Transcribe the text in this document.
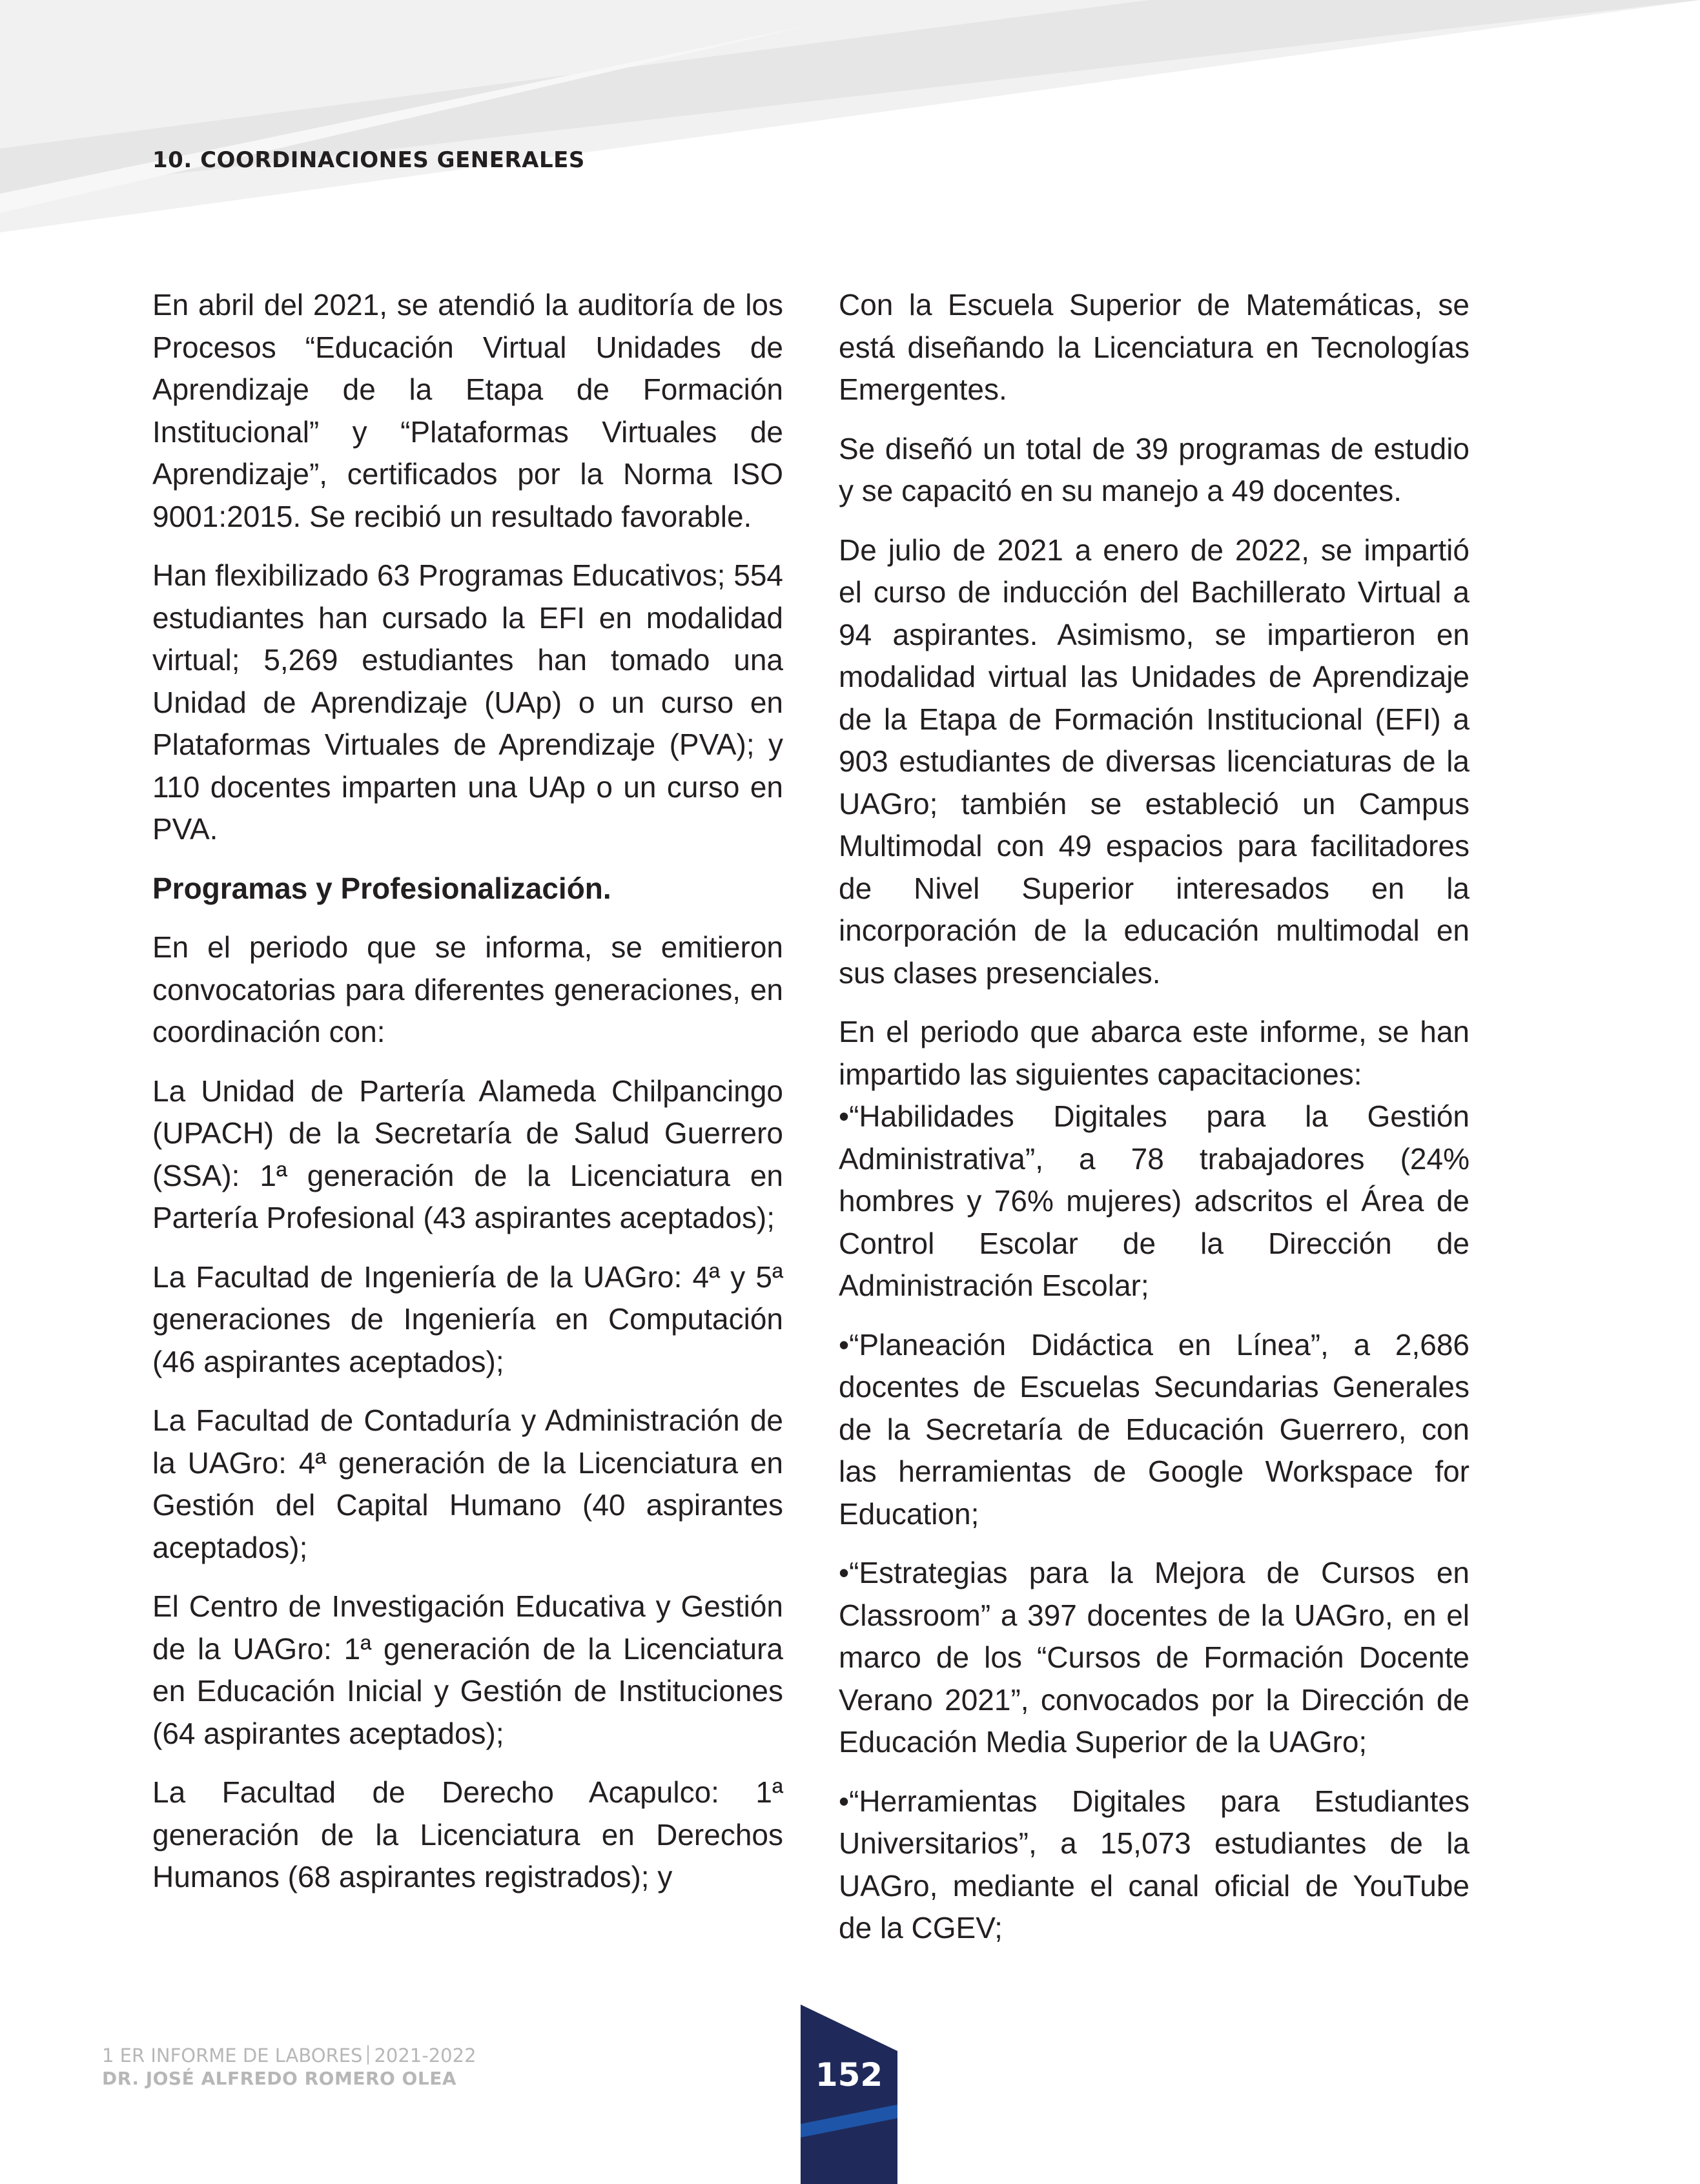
10. COORDINACIONES GENERALES

En abril del 2021, se atendió la auditoría de los Procesos “Educación Virtual Unidades de Aprendizaje de la Etapa de Formación Institucional” y “Plataformas Virtuales de Aprendizaje”, certificados por la Norma ISO 9001:2015. Se recibió un resultado favorable.

Han flexibilizado 63 Programas Educativos; 554 estudiantes han cursado la EFI en modalidad virtual; 5,269 estudiantes han tomado una Unidad de Aprendizaje (UAp) o un curso en Plataformas Virtuales de Aprendizaje (PVA); y 110 docentes imparten una UAp o un curso en PVA.

Programas y Profesionalización.

En el periodo que se informa, se emitieron convocatorias para diferentes generaciones, en coordinación con:

La Unidad de Partería Alameda Chilpancingo (UPACH) de la Secretaría de Salud Guerrero (SSA): 1ª generación de la Licenciatura en Partería Profesional (43 aspirantes aceptados);

La Facultad de Ingeniería de la UAGro: 4ª y 5ª generaciones de Ingeniería en Computación (46 aspirantes aceptados);

La Facultad de Contaduría y Administración de la UAGro: 4ª generación de la Licenciatura en Gestión del Capital Humano (40 aspirantes aceptados);

El Centro de Investigación Educativa y Gestión de la UAGro: 1ª generación de la Licenciatura en Educación Inicial y Gestión de Instituciones (64 aspirantes aceptados);

La Facultad de Derecho Acapulco: 1ª generación de la Licenciatura en Derechos Humanos (68 aspirantes registrados); y

Con la Escuela Superior de Matemáticas, se está diseñando la Licenciatura en Tecnologías Emergentes.

Se diseñó un total de 39 programas de estudio y se capacitó en su manejo a 49 docentes.

De julio de 2021 a enero de 2022, se impartió el curso de inducción del Bachillerato Virtual a 94 aspirantes. Asimismo, se impartieron en modalidad virtual las Unidades de Aprendizaje de la Etapa de Formación Institucional (EFI) a 903 estudiantes de diversas licenciaturas de la UAGro; también se estableció un Campus Multimodal con 49 espacios para facilitadores de Nivel Superior interesados en la incorporación de la educación multimodal en sus clases presenciales.

En el periodo que abarca este informe, se han impartido las siguientes capacitaciones:

•“Habilidades Digitales para la Gestión Administrativa”, a 78 trabajadores (24% hombres y 76% mujeres) adscritos el Área de Control Escolar de la Dirección de Administración Escolar;

•“Planeación Didáctica en Línea”, a 2,686 docentes de Escuelas Secundarias Generales de la Secretaría de Educación Guerrero, con las herramientas de Google Workspace for Education;

•“Estrategias para la Mejora de Cursos en Classroom” a 397 docentes de la UAGro, en el marco de los “Cursos de Formación Docente Verano 2021”, convocados por la Dirección de Educación Media Superior de la UAGro;

•“Herramientas Digitales para Estudiantes Universitarios”, a 15,073 estudiantes de la UAGro, mediante el canal oficial de YouTube de la CGEV;

1 ER INFORME DE LABORES 2021-2022
DR. JOSÉ ALFREDO ROMERO OLEA	152
